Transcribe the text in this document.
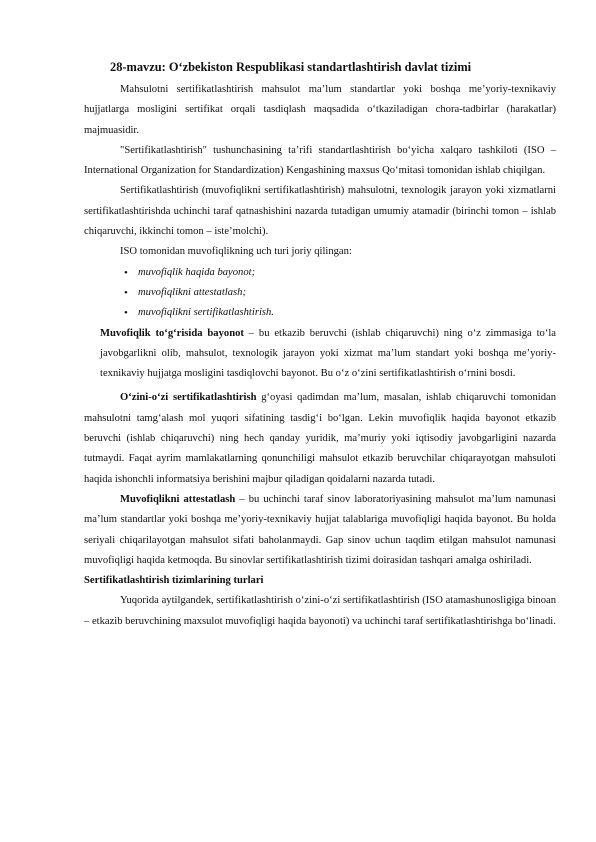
28-mavzu: O‘zbekiston Respublikasi standartlashtirish davlat tizimi

Mahsulotni sertifikatlashtirish mahsulot ma’lum standartlar yoki boshqa me’yoriy-texnikaviy hujjatlarga mosligini sertifikat orqali tasdiqlash maqsadida o‘tkaziladigan chora-tadbirlar (harakatlar) majmuasidir.

"Sertifikatlashtirish" tushunchasining ta’rifi standartlashtirish bo‘yicha xalqaro tashkiloti (ISO – International Organization for Standardization) Kengashining maxsus Qo‘mitasi tomonidan ishlab chiqilgan.

Sertifikatlashtirish (muvofiqlikni sertifikatlashtirish) mahsulotni, texnologik jarayon yoki xizmatlarni sertifikatlashtirishda uchinchi taraf qatnashishini nazarda tutadigan umumiy atamadir (birinchi tomon – ishlab chiqaruvchi, ikkinchi tomon – iste’molchi).

ISO tomonidan muvofiqlikning uch turi joriy qilingan:

• muvofiqlik haqida bayonot;
• muvofiqlikni attestatlash;
• muvofiqlikni sertifikatlashtirish.

Muvofiqlik to‘g‘risida bayonot – bu etkazib beruvchi (ishlab chiqaruvchi) ning o‘z zimmasiga to‘la javobgarlikni olib, mahsulot, texnologik jarayon yoki xizmat ma’lum standart yoki boshqa me’yoriy-texnikaviy hujjatga mosligini tasdiqlovchi bayonot. Bu o‘z o‘zini sertifikatlashtirish o‘rnini bosdi.

O‘zini-o‘zi sertifikatlashtirish g‘oyasi qadimdan ma’lum, masalan, ishlab chiqaruvchi tomonidan mahsulotni tamg‘alash mol yuqori sifatining tasdig‘i bo‘lgan. Lekin muvofiqlik haqida bayonot etkazib beruvchi (ishlab chiqaruvchi) ning hech qanday yuridik, ma’muriy yoki iqtisodiy javobgarligini nazarda tutmaydi. Faqat ayrim mamlakatlarning qonunchiligi mahsulot etkazib beruvchilar chiqarayotgan mahsuloti haqida ishonchli informatsiya berishini majbur qiladigan qoidalarni nazarda tutadi.

Muvofiqlikni attestatlash – bu uchinchi taraf sinov laboratoriyasining mahsulot ma’lum namunasi ma’lum standartlar yoki boshqa me’yoriy-texnikaviy hujjat talablariga muvofiqligi haqida bayonot. Bu holda seriyali chiqarilayotgan mahsulot sifati baholanmaydi. Gap sinov uchun taqdim etilgan mahsulot namunasi muvofiqligi haqida ketmoqda. Bu sinovlar sertifikatlashtirish tizimi doirasidan tashqari amalga oshiriladi.

Sertifikatlashtirish tizimlarining turlari

Yuqorida aytilgandek, sertifikatlashtirish o‘zini-o‘zi sertifikatlashtirish (ISO atamashunosligiga binoan – etkazib beruvchining maxsulot muvofiqligi haqida bayonoti) va uchinchi taraf sertifikatlashtirishga bo‘linadi.
